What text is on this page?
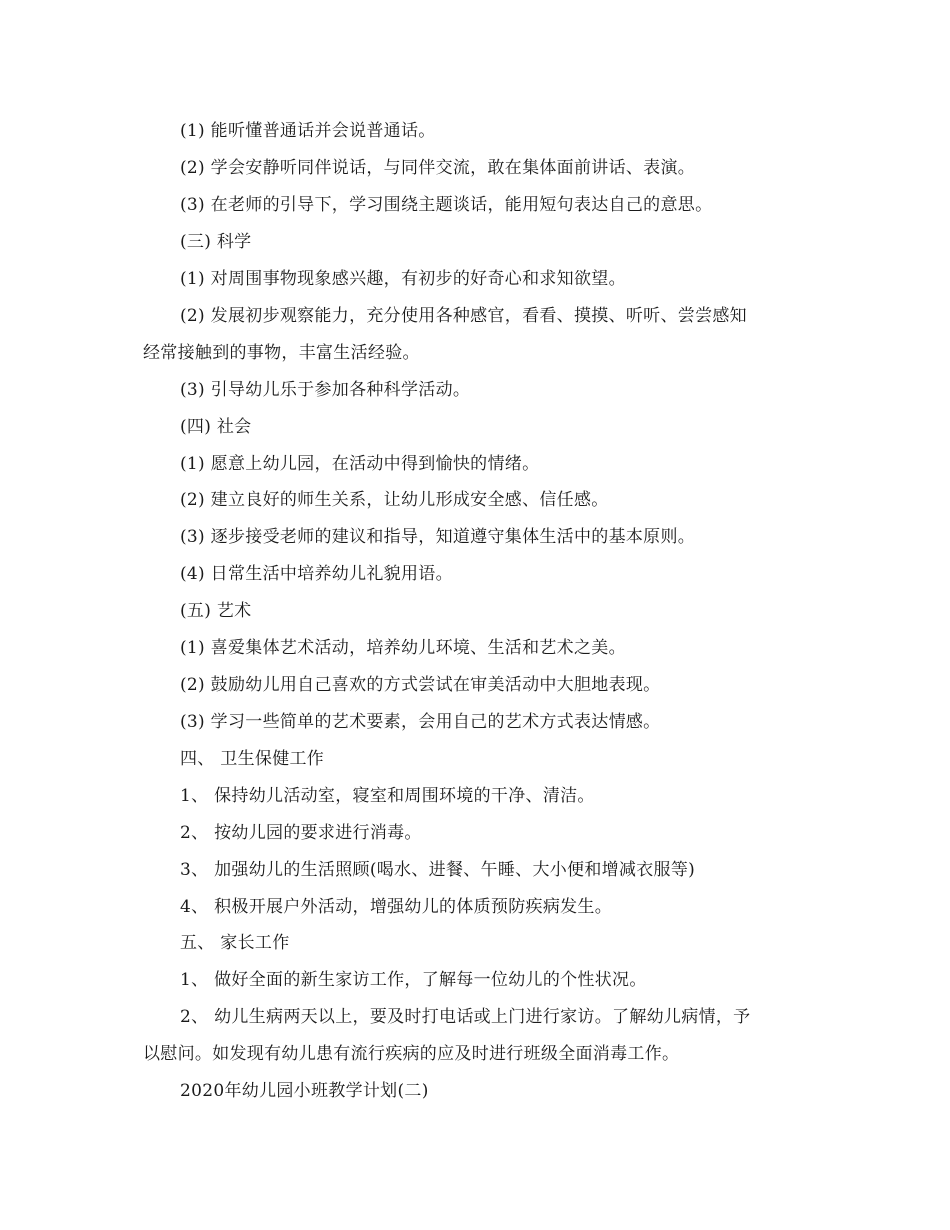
(1) 能听懂普通话并会说普通话。
(2) 学会安静听同伴说话，与同伴交流，敢在集体面前讲话、表演。
(3) 在老师的引导下，学习围绕主题谈话，能用短句表达自己的意思。
(三) 科学
(1) 对周围事物现象感兴趣，有初步的好奇心和求知欲望。
(2) 发展初步观察能力，充分使用各种感官，看看、摸摸、听听、尝尝感知
经常接触到的事物，丰富生活经验。
(3) 引导幼儿乐于参加各种科学活动。
(四) 社会
(1) 愿意上幼儿园，在活动中得到愉快的情绪。
(2) 建立良好的师生关系，让幼儿形成安全感、信任感。
(3) 逐步接受老师的建议和指导，知道遵守集体生活中的基本原则。
(4) 日常生活中培养幼儿礼貌用语。
(五) 艺术
(1) 喜爱集体艺术活动，培养幼儿环境、生活和艺术之美。
(2) 鼓励幼儿用自己喜欢的方式尝试在审美活动中大胆地表现。
(3) 学习一些简单的艺术要素，会用自己的艺术方式表达情感。
四、 卫生保健工作
1、 保持幼儿活动室，寝室和周围环境的干净、清洁。
2、 按幼儿园的要求进行消毒。
3、 加强幼儿的生活照顾(喝水、进餐、午睡、大小便和增减衣服等)
4、 积极开展户外活动，增强幼儿的体质预防疾病发生。
五、 家长工作
1、 做好全面的新生家访工作，了解每一位幼儿的个性状况。
2、 幼儿生病两天以上，要及时打电话或上门进行家访。了解幼儿病情，予
以慰问。如发现有幼儿患有流行疾病的应及时进行班级全面消毒工作。
2020年幼儿园小班教学计划(二)
